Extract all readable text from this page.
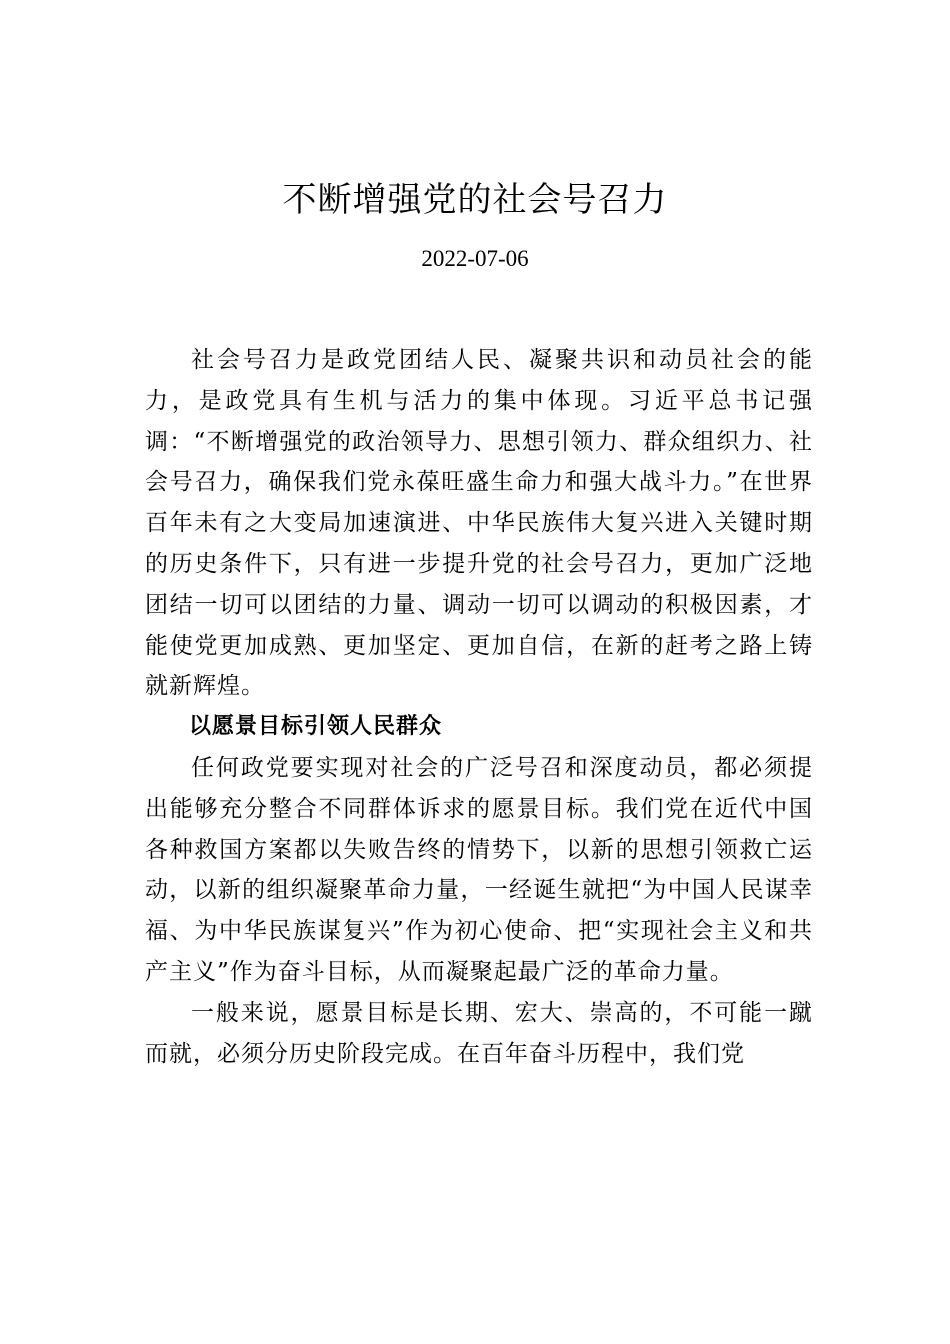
不断增强党的社会号召力
2022-07-06

社会号召力是政党团结人民、凝聚共识和动员社会的能力，是政党具有生机与活力的集中体现。习近平总书记强调：“不断增强党的政治领导力、思想引领力、群众组织力、社会号召力，确保我们党永葆旺盛生命力和强大战斗力。”在世界百年未有之大变局加速演进、中华民族伟大复兴进入关键时期的历史条件下，只有进一步提升党的社会号召力，更加广泛地团结一切可以团结的力量、调动一切可以调动的积极因素，才能使党更加成熟、更加坚定、更加自信，在新的赶考之路上铸就新辉煌。

以愿景目标引领人民群众

任何政党要实现对社会的广泛号召和深度动员，都必须提出能够充分整合不同群体诉求的愿景目标。我们党在近代中国各种救国方案都以失败告终的情势下，以新的思想引领救亡运动，以新的组织凝聚革命力量，一经诞生就把“为中国人民谋幸福、为中华民族谋复兴”作为初心使命、把“实现社会主义和共产主义”作为奋斗目标，从而凝聚起最广泛的革命力量。

一般来说，愿景目标是长期、宏大、崇高的，不可能一蹴而就，必须分历史阶段完成。在百年奋斗历程中，我们党
